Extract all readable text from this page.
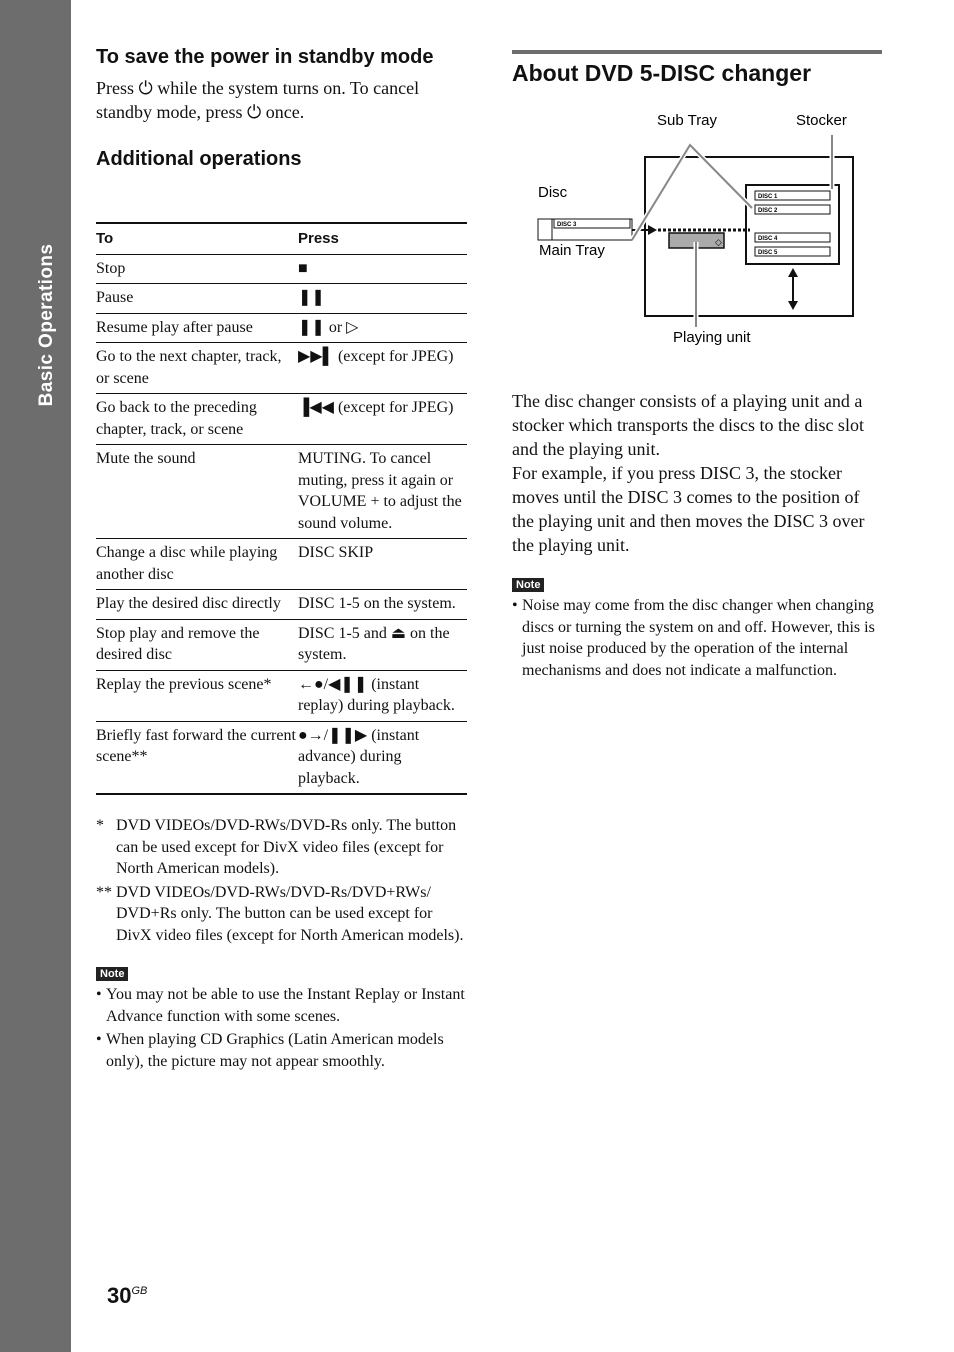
Basic Operations
To save the power in standby mode
Press ⏻ while the system turns on. To cancel standby mode, press ⏻ once.
Additional operations
To	Press
Stop	■
Pause	❚❚
Resume play after pause	❚❚ or ▷
Go to the next chapter, track, or scene	▶▶▌ (except for JPEG)
Go back to the preceding chapter, track, or scene	▐◀◀ (except for JPEG)
Mute the sound	MUTING. To cancel muting, press it again or VOLUME + to adjust the sound volume.
Change a disc while playing another disc	DISC SKIP
Play the desired disc directly	DISC 1-5 on the system.
Stop play and remove the desired disc	DISC 1-5 and ⏏ on the system.
Replay the previous scene*	←●/◀❚❚ (instant replay) during playback.
Briefly fast forward the current scene**	●→/❚❚▶ (instant advance) during playback.
* DVD VIDEOs/DVD-RWs/DVD-Rs only. The button can be used except for DivX video files (except for North American models).
** DVD VIDEOs/DVD-RWs/DVD-Rs/DVD+RWs/ DVD+Rs only. The button can be used except for DivX video files (except for North American models).
Note
• You may not be able to use the Instant Replay or Instant Advance function with some scenes.
• When playing CD Graphics (Latin American models only), the picture may not appear smoothly.
About DVD 5-DISC changer
Sub Tray	Stocker
Disc
Main Tray
Playing unit
DISC 1
DISC 2
DISC 4
DISC 5
DISC 3
◇
The disc changer consists of a playing unit and a stocker which transports the discs to the disc slot and the playing unit.
For example, if you press DISC 3, the stocker moves until the DISC 3 comes to the position of the playing unit and then moves the DISC 3 over the playing unit.
Note
• Noise may come from the disc changer when changing discs or turning the system on and off. However, this is just noise produced by the operation of the internal mechanisms and does not indicate a malfunction.
$30^{GB}$
